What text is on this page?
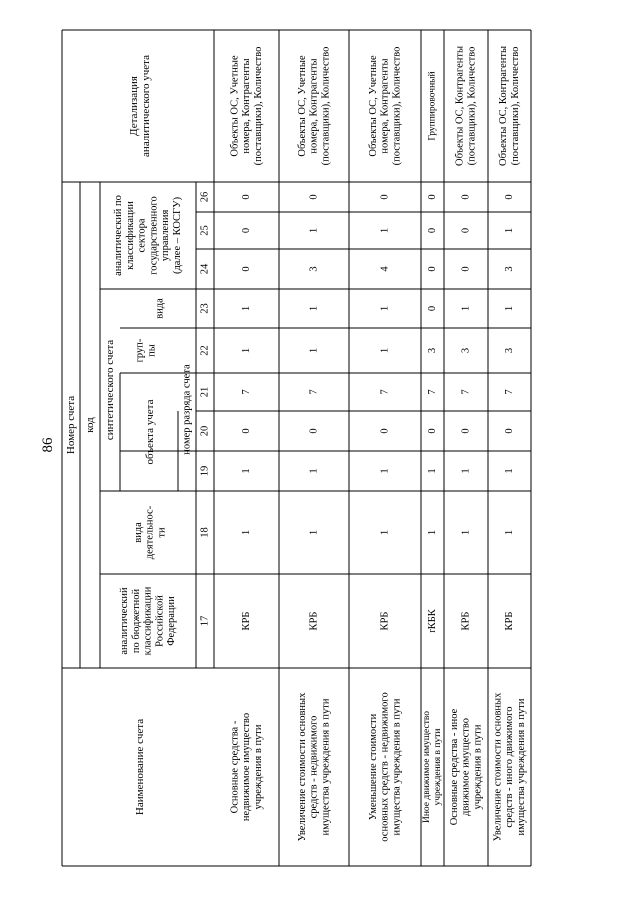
86
Наименование счета
Номер счета код синтетического счета
аналитический по бюджетной классификации Российской Федерации
вида деятельнос- ти
объекта учета
груп- пы
вида
аналитический по классификации сектора государственного управления (далее – КОСГУ)
Детализация аналитического учета
номер разряда счета
17
18
19
20
21
22
23
24
25
26
Основные средства - недвижимое имущество учреждения в пути
КРБ
1
1
0
7
1
1
0
0
0
Объекты ОС, Учетные номера, Контрагенты (поставщики), Количество
Увеличение стоимости основных средств - недвижимого имущества учреждения в пути
КРБ
1
1
0
7
1
1
3
1
0
Объекты ОС, Учетные номера, Контрагенты (поставщики), Количество
Уменьшение стоимости основных средств - недвижимого имущества учреждения в пути
КРБ
1
1
0
7
1
1
4
1
0
Объекты ОС, Учетные номера, Контрагенты (поставщики), Количество
Иное движимое имущество учреждения в пути
rКБК
1
1
0
7
3
0
0
0
0
Группировочный
Основные средства - иное движимое имущество учреждения в пути
КРБ
1
1
0
7
3
1
0
0
0
Объекты ОС, Контрагенты (поставщики), Количество
Увеличение стоимости основных средств - иного движимого имущества учреждения в пути
КРБ
1
1
0
7
3
1
3
1
0
Объекты ОС, Контрагенты (поставщики), Количество
